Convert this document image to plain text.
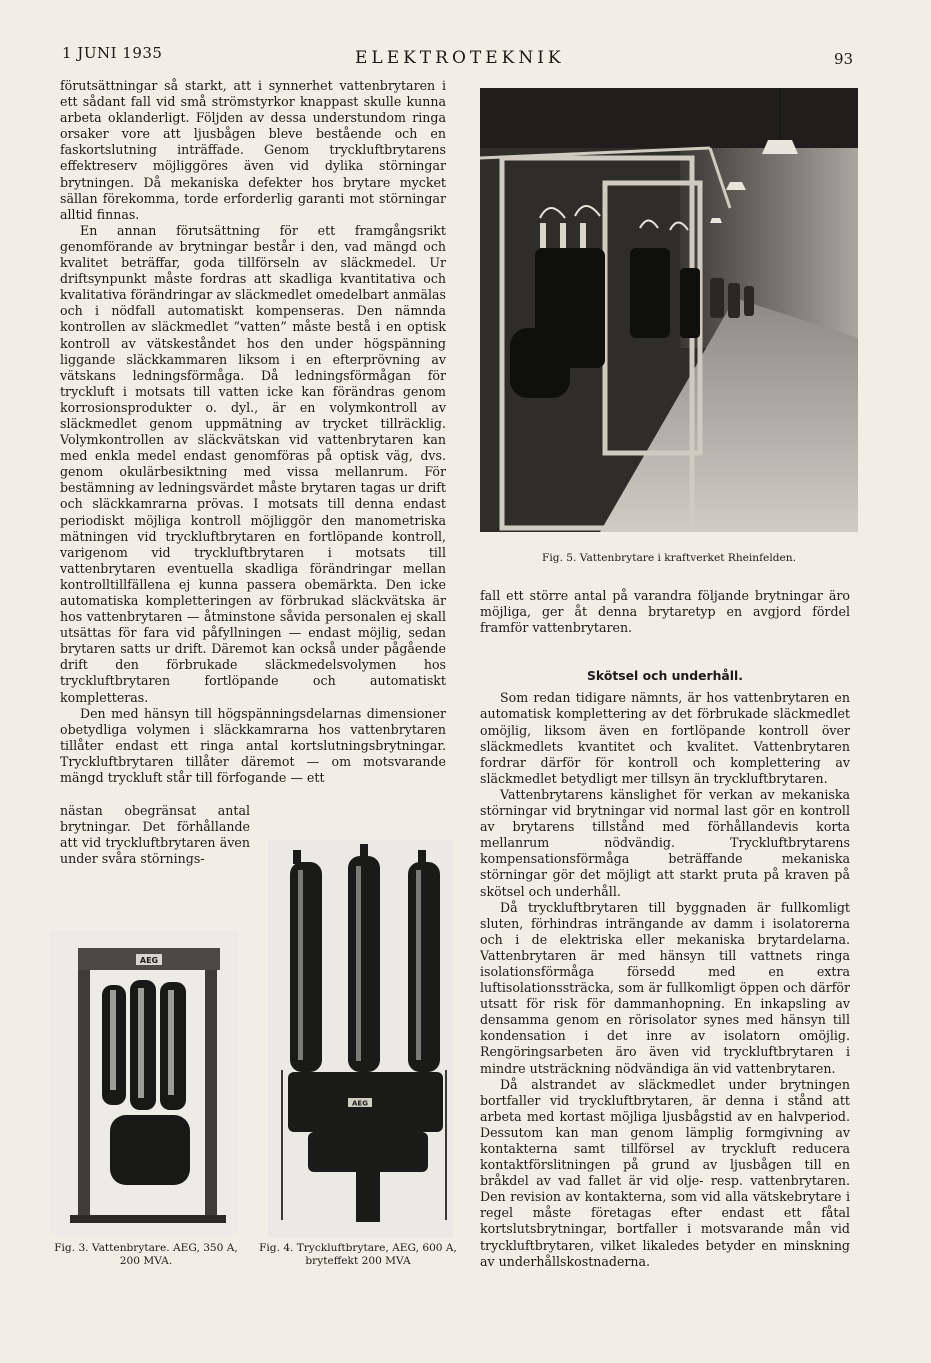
1 JUNI 1935	ELEKTROTEKNIK	93

förutsättningar så starkt, att i synnerhet vattenbrytaren i ett sådant fall vid små strömstyrkor knappast skulle kunna arbeta oklanderligt. Följden av dessa understundom ringa orsaker vore att ljusbågen bleve bestående och en faskortslutning inträffade. Genom tryckluftbrytarens effektreserv möjliggöres även vid dylika störningar brytningen. Då mekaniska defekter hos brytare mycket sällan förekomma, torde erforderlig garanti mot störningar alltid finnas.

En annan förutsättning för ett framgångsrikt genomförande av brytningar består i den, vad mängd och kvalitet beträffar, goda tillförseln av släckmedel. Ur driftsynpunkt måste fordras att skadliga kvantitativa och kvalitativa förändringar av släckmedlet omedelbart anmälas och i nödfall automatiskt kompenseras. Den nämnda kontrollen av släckmedlet ”vatten” måste bestå i en optisk kontroll av vätskeståndet hos den under högspänning liggande släckkammaren liksom i en efterprövning av vätskans ledningsförmåga. Då ledningsförmågan för tryckluft i motsats till vatten icke kan förändras genom korrosionsprodukter o. dyl., är en volymkontroll av släckmedlet genom uppmätning av trycket tillräcklig. Volymkontrollen av släckvätskan vid vattenbrytaren kan med enkla medel endast genomföras på optisk väg, dvs. genom okulärbesiktning med vissa mellanrum. För bestämning av ledningsvärdet måste brytaren tagas ur drift och släckkamrarna prövas. I motsats till denna endast periodiskt möjliga kontroll möjliggör den manometriska mätningen vid tryckluftbrytaren en fortlöpande kontroll, varigenom vid tryckluftbrytaren i motsats till vattenbrytaren eventuella skadliga förändringar mellan kontrolltillfällena ej kunna passera obemärkta. Den icke automatiska kompletteringen av förbrukad släckvätska är hos vattenbrytaren — åtminstone såvida personalen ej skall utsättas för fara vid påfyllningen — endast möjlig, sedan brytaren satts ur drift. Däremot kan också under pågående drift den förbrukade släckmedelsvolymen hos tryckluftbrytaren fortlöpande och automatiskt kompletteras.

Den med hänsyn till högspänningsdelarnas dimensioner obetydliga volymen i släckkamrarna hos vattenbrytaren tillåter endast ett ringa antal kortslutningsbrytningar. Tryckluftbrytaren tillåter däremot — om motsvarande mängd tryckluft står till förfogande — ett

nästan obegränsat antal brytningar. Det förhållande att vid tryckluftbrytaren även under svåra störnings-

Fig. 5. Vattenbrytare i kraftverket Rheinfelden.

fall ett större antal på varandra följande brytningar äro möjliga, ger åt denna brytaretyp en avgjord fördel framför vattenbrytaren.

Skötsel och underhåll.

Som redan tidigare nämnts, är hos vattenbrytaren en automatisk komplettering av det förbrukade släckmedlet omöjlig, liksom även en fortlöpande kontroll över släckmedlets kvantitet och kvalitet. Vattenbrytaren fordrar därför för kontroll och komplettering av släckmedlet betydligt mer tillsyn än tryckluftbrytaren.

Vattenbrytarens känslighet för verkan av mekaniska störningar vid brytningar vid normal last gör en kontroll av brytarens tillstånd med förhållandevis korta mellanrum nödvändig. Tryckluftbrytarens kompensationsförmåga beträffande mekaniska störningar gör det möjligt att starkt pruta på kraven på skötsel och underhåll.

Då tryckluftbrytaren till byggnaden är fullkomligt sluten, förhindras inträngande av damm i isolatorerna och i de elektriska eller mekaniska brytardelarna. Vattenbrytaren är med hänsyn till vattnets ringa isolationsförmåga försedd med en extra luftisolationssträcka, som är fullkomligt öppen och därför utsatt för risk för dammanhopning. En inkapsling av densamma genom en rörisolator synes med hänsyn till kondensation i det inre av isolatorn omöjlig. Rengöringsarbeten äro även vid tryckluftbrytaren i mindre utsträckning nödvändiga än vid vattenbrytaren.

Då alstrandet av släckmedlet under brytningen bortfaller vid tryckluftbrytaren, är denna i stånd att arbeta med kortast möjliga ljusbågstid av en halvperiod. Dessutom kan man genom lämplig formgivning av kontakterna samt tillförsel av tryckluft reducera kontaktförslitningen på grund av ljusbågen till en bråkdel av vad fallet är vid olje- resp. vattenbrytaren. Den revision av kontakterna, som vid alla vätskebrytare i regel måste företagas efter endast ett fåtal kortslutsbrytningar, bortfaller i motsvarande mån vid tryckluftbrytaren, vilket likaledes betyder en minskning av underhållskostnaderna.

AEG
Fig. 3. Vattenbrytare. AEG, 350 A, 200 MVA.
AEG
Fig. 4. Tryckluftbrytare, AEG, 600 A, bryteffekt 200 MVA
